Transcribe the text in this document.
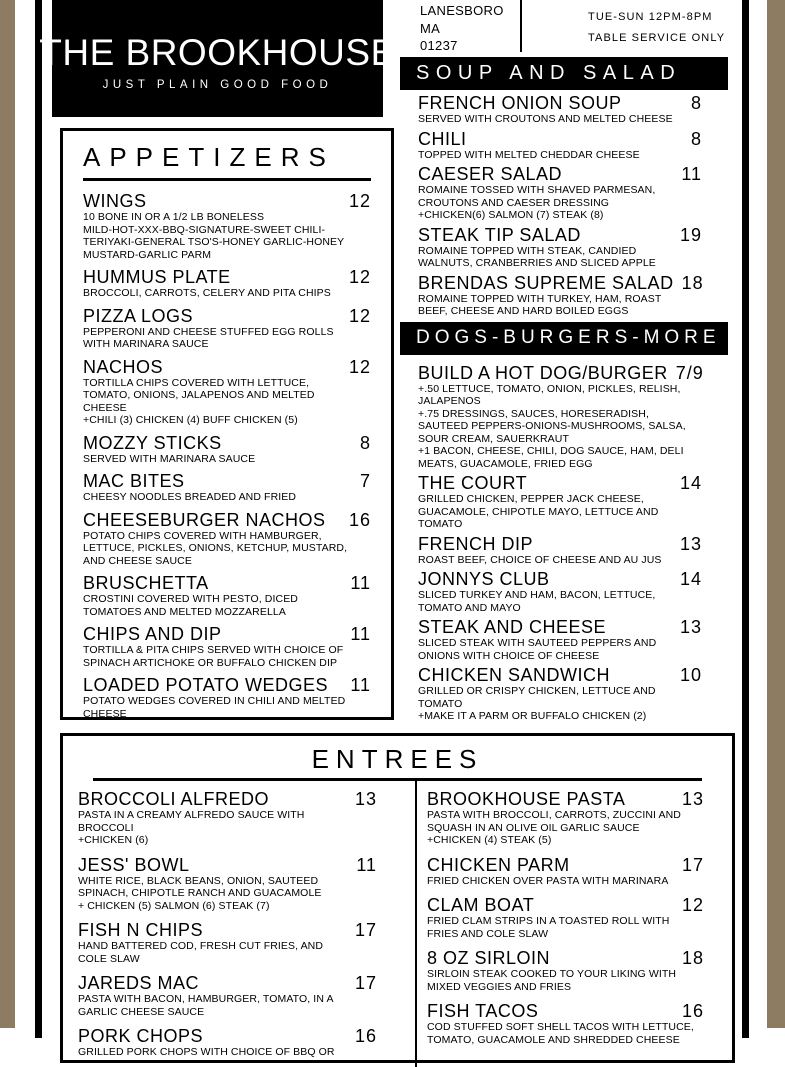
THE BROOKHOUSE
JUST PLAIN GOOD FOOD
LANESBORO
MA
01237
TUE-SUN 12PM-8PM
TABLE SERVICE ONLY
APPETIZERS
WINGS	12
10 BONE IN OR A 1/2 LB BONELESS
MILD-HOT-XXX-BBQ-SIGNATURE-SWEET CHILI-
TERIYAKI-GENERAL TSO'S-HONEY GARLIC-HONEY
MUSTARD-GARLIC PARM
HUMMUS PLATE	12
BROCCOLI, CARROTS, CELERY AND PITA CHIPS
PIZZA LOGS	12
PEPPERONI AND CHEESE STUFFED EGG ROLLS
WITH MARINARA SAUCE
NACHOS	12
TORTILLA CHIPS COVERED WITH LETTUCE,
TOMATO, ONIONS, JALAPENOS AND MELTED
CHEESE
+CHILI (3) CHICKEN (4) BUFF CHICKEN (5)
MOZZY STICKS	8
SERVED WITH MARINARA SAUCE
MAC BITES	7
CHEESY NOODLES BREADED AND FRIED
CHEESEBURGER NACHOS	16
POTATO CHIPS COVERED WITH HAMBURGER,
LETTUCE, PICKLES, ONIONS, KETCHUP, MUSTARD,
AND CHEESE SAUCE
BRUSCHETTA	11
CROSTINI COVERED WITH PESTO, DICED
TOMATOES AND MELTED MOZZARELLA
CHIPS AND DIP	11
TORTILLA & PITA CHIPS SERVED WITH CHOICE OF
SPINACH ARTICHOKE OR BUFFALO CHICKEN DIP
LOADED POTATO WEDGES	11
POTATO WEDGES COVERED IN CHILI AND MELTED
CHEESE
SOUP AND SALAD
FRENCH ONION SOUP	8
SERVED WITH CROUTONS AND MELTED CHEESE
CHILI	8
TOPPED WITH MELTED CHEDDAR CHEESE
CAESER SALAD	11
ROMAINE TOSSED WITH SHAVED PARMESAN,
CROUTONS AND CAESER DRESSING
+CHICKEN(6) SALMON (7) STEAK (8)
STEAK TIP SALAD	19
ROMAINE TOPPED WITH STEAK, CANDIED
WALNUTS, CRANBERRIES AND SLICED APPLE
BRENDAS SUPREME SALAD 18
ROMAINE TOPPED WITH TURKEY, HAM, ROAST
BEEF, CHEESE AND HARD BOILED EGGS
DOGS-BURGERS-MORE
BUILD A HOT DOG/BURGER 7/9
+.50 LETTUCE, TOMATO, ONION, PICKLES, RELISH,
JALAPENOS
+.75 DRESSINGS, SAUCES, HORESERADISH,
SAUTEED PEPPERS-ONIONS-MUSHROOMS, SALSA,
SOUR CREAM, SAUERKRAUT
+1 BACON, CHEESE, CHILI, DOG SAUCE, HAM, DELI
MEATS, GUACAMOLE, FRIED EGG
THE COURT	14
GRILLED CHICKEN, PEPPER JACK CHEESE,
GUACAMOLE, CHIPOTLE MAYO, LETTUCE AND
TOMATO
FRENCH DIP	13
ROAST BEEF, CHOICE OF CHEESE AND AU JUS
JONNYS CLUB	14
SLICED TURKEY AND HAM, BACON, LETTUCE,
TOMATO AND MAYO
STEAK AND CHEESE	13
SLICED STEAK WITH SAUTEED PEPPERS AND
ONIONS WITH CHOICE OF CHEESE
CHICKEN SANDWICH	10
GRILLED OR CRISPY CHICKEN, LETTUCE AND
TOMATO
+MAKE IT A PARM OR BUFFALO CHICKEN (2)
ENTREES
BROCCOLI ALFREDO	13
PASTA IN A CREAMY ALFREDO SAUCE WITH
BROCCOLI
+CHICKEN (6)
JESS' BOWL	11
WHITE RICE, BLACK BEANS, ONION, SAUTEED
SPINACH, CHIPOTLE RANCH AND GUACAMOLE
+ CHICKEN (5) SALMON (6) STEAK (7)
FISH N CHIPS	17
HAND BATTERED COD, FRESH CUT FRIES, AND
COLE SLAW
JAREDS MAC	17
PASTA WITH BACON, HAMBURGER, TOMATO, IN A
GARLIC CHEESE SAUCE
PORK CHOPS	16
GRILLED PORK CHOPS WITH CHOICE OF BBQ OR
BROOKHOUSE PASTA	13
PASTA WITH BROCCOLI, CARROTS, ZUCCINI AND
SQUASH IN AN OLIVE OIL GARLIC SAUCE
+CHICKEN (4) STEAK (5)
CHICKEN PARM	17
FRIED CHICKEN OVER PASTA WITH MARINARA
CLAM BOAT	12
FRIED CLAM STRIPS IN A TOASTED ROLL WITH
FRIES AND COLE SLAW
8 OZ SIRLOIN	18
SIRLOIN STEAK COOKED TO YOUR LIKING WITH
MIXED VEGGIES AND FRIES
FISH TACOS	16
COD STUFFED SOFT SHELL TACOS WITH LETTUCE,
TOMATO, GUACAMOLE AND SHREDDED CHEESE
